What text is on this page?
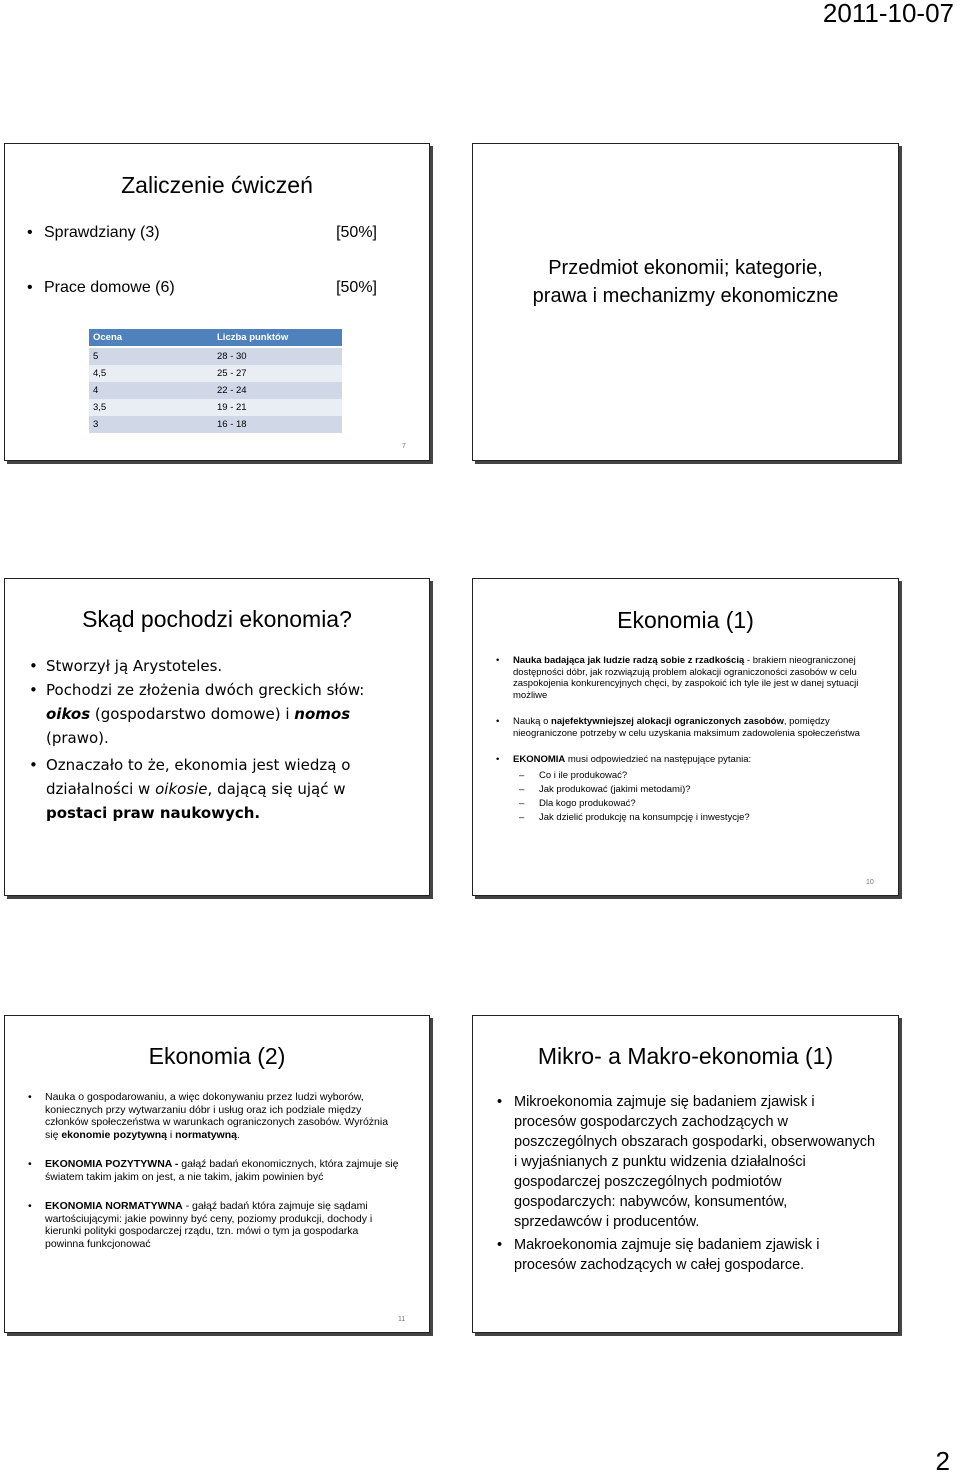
2011-10-07
Zaliczenie ćwiczeń
• Sprawdziany (3)	[50%]
• Prace domowe (6)	[50%]
Ocena	Liczba punktów
5	28 - 30
4,5	25 - 27
4	22 - 24
3,5	19 - 21
3	16 - 18
7
Przedmiot ekonomii; kategorie,
prawa i mechanizmy ekonomiczne
Skąd pochodzi ekonomia?
• Stworzył ją Arystoteles.
• Pochodzi ze złożenia dwóch greckich słów: oikos (gospodarstwo domowe) i nomos (prawo).
• Oznaczało to że, ekonomia jest wiedzą o działalności w oikosie, dającą się ująć w postaci praw naukowych.
Ekonomia (1)
• Nauka badająca jak ludzie radzą sobie z rzadkością - brakiem nieograniczonej dostępności dóbr, jak rozwiązują problem alokacji ograniczoności zasobów w celu zaspokojenia konkurencyjnych chęci, by zaspokoić ich tyle ile jest w danej sytuacji możliwe
• Nauką o najefektywniejszej alokacji ograniczonych zasobów, pomiędzy nieograniczone potrzeby w celu uzyskania maksimum zadowolenia społeczeństwa
• EKONOMIA musi odpowiedzieć na następujące pytania:
– Co i ile produkować?
– Jak produkować (jakimi metodami)?
– Dla kogo produkować?
– Jak dzielić produkcję na konsumpcję i inwestycje?
10
Ekonomia (2)
• Nauka o gospodarowaniu, a więc dokonywaniu przez ludzi wyborów, koniecznych przy wytwarzaniu dóbr i usług oraz ich podziale między członków społeczeństwa w warunkach ograniczonych zasobów. Wyróżnia się ekonomie pozytywną i normatywną.
• EKONOMIA POZYTYWNA - gałąź badań ekonomicznych, która zajmuje się światem takim jakim on jest, a nie takim, jakim powinien być
• EKONOMIA NORMATYWNA - gałąź badań która zajmuje się sądami wartościującymi: jakie powinny być ceny, poziomy produkcji, dochody i kierunki polityki gospodarczej rządu, tzn. mówi o tym ja gospodarka powinna funkcjonować
11
Mikro- a Makro-ekonomia (1)
• Mikroekonomia zajmuje się badaniem zjawisk i procesów gospodarczych zachodzących w poszczególnych obszarach gospodarki, obserwowanych i wyjaśnianych z punktu widzenia działalności gospodarczej poszczególnych podmiotów gospodarczych: nabywców, konsumentów, sprzedawców i producentów.
• Makroekonomia zajmuje się badaniem zjawisk i procesów zachodzących w całej gospodarce.
2
